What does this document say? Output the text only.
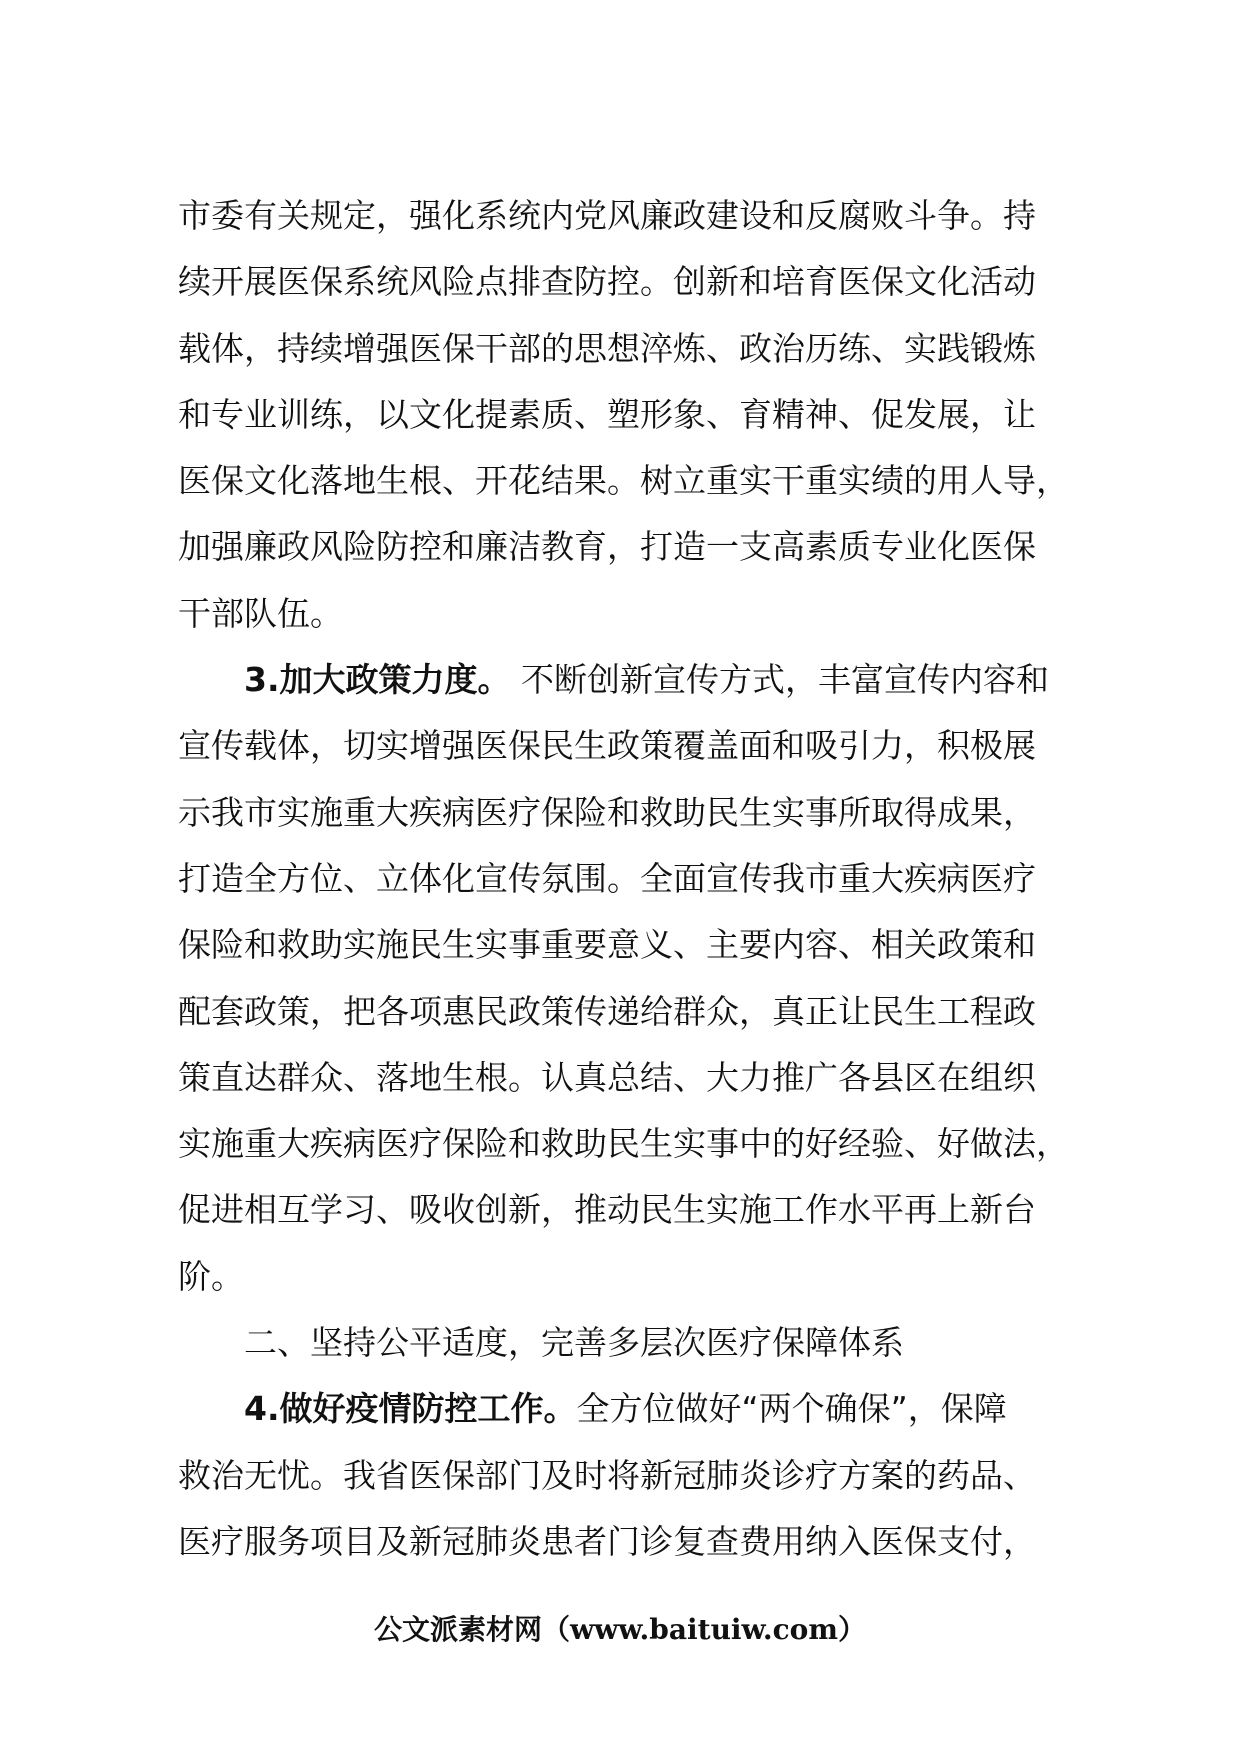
市委有关规定，强化系统内党风廉政建设和反腐败斗争。持
续开展医保系统风险点排查防控。创新和培育医保文化活动
载体，持续增强医保干部的思想淬炼、政治历练、实践锻炼
和专业训练，以文化提素质、塑形象、育精神、促发展，让
医保文化落地生根、开花结果。树立重实干重实绩的用人导，
加强廉政风险防控和廉洁教育，打造一支高素质专业化医保
干部队伍。
3.加大政策力度。 不断创新宣传方式，丰富宣传内容和
宣传载体，切实增强医保民生政策覆盖面和吸引力，积极展
示我市实施重大疾病医疗保险和救助民生实事所取得成果，
打造全方位、立体化宣传氛围。全面宣传我市重大疾病医疗
保险和救助实施民生实事重要意义、主要内容、相关政策和
配套政策，把各项惠民政策传递给群众，真正让民生工程政
策直达群众、落地生根。认真总结、大力推广各县区在组织
实施重大疾病医疗保险和救助民生实事中的好经验、好做法，
促进相互学习、吸收创新，推动民生实施工作水平再上新台
阶。
二、坚持公平适度，完善多层次医疗保障体系
4.做好疫情防控工作。全方位做好“两个确保”，保障
救治无忧。我省医保部门及时将新冠肺炎诊疗方案的药品、
医疗服务项目及新冠肺炎患者门诊复查费用纳入医保支付，
公文派素材网（www.baituiw.com）
